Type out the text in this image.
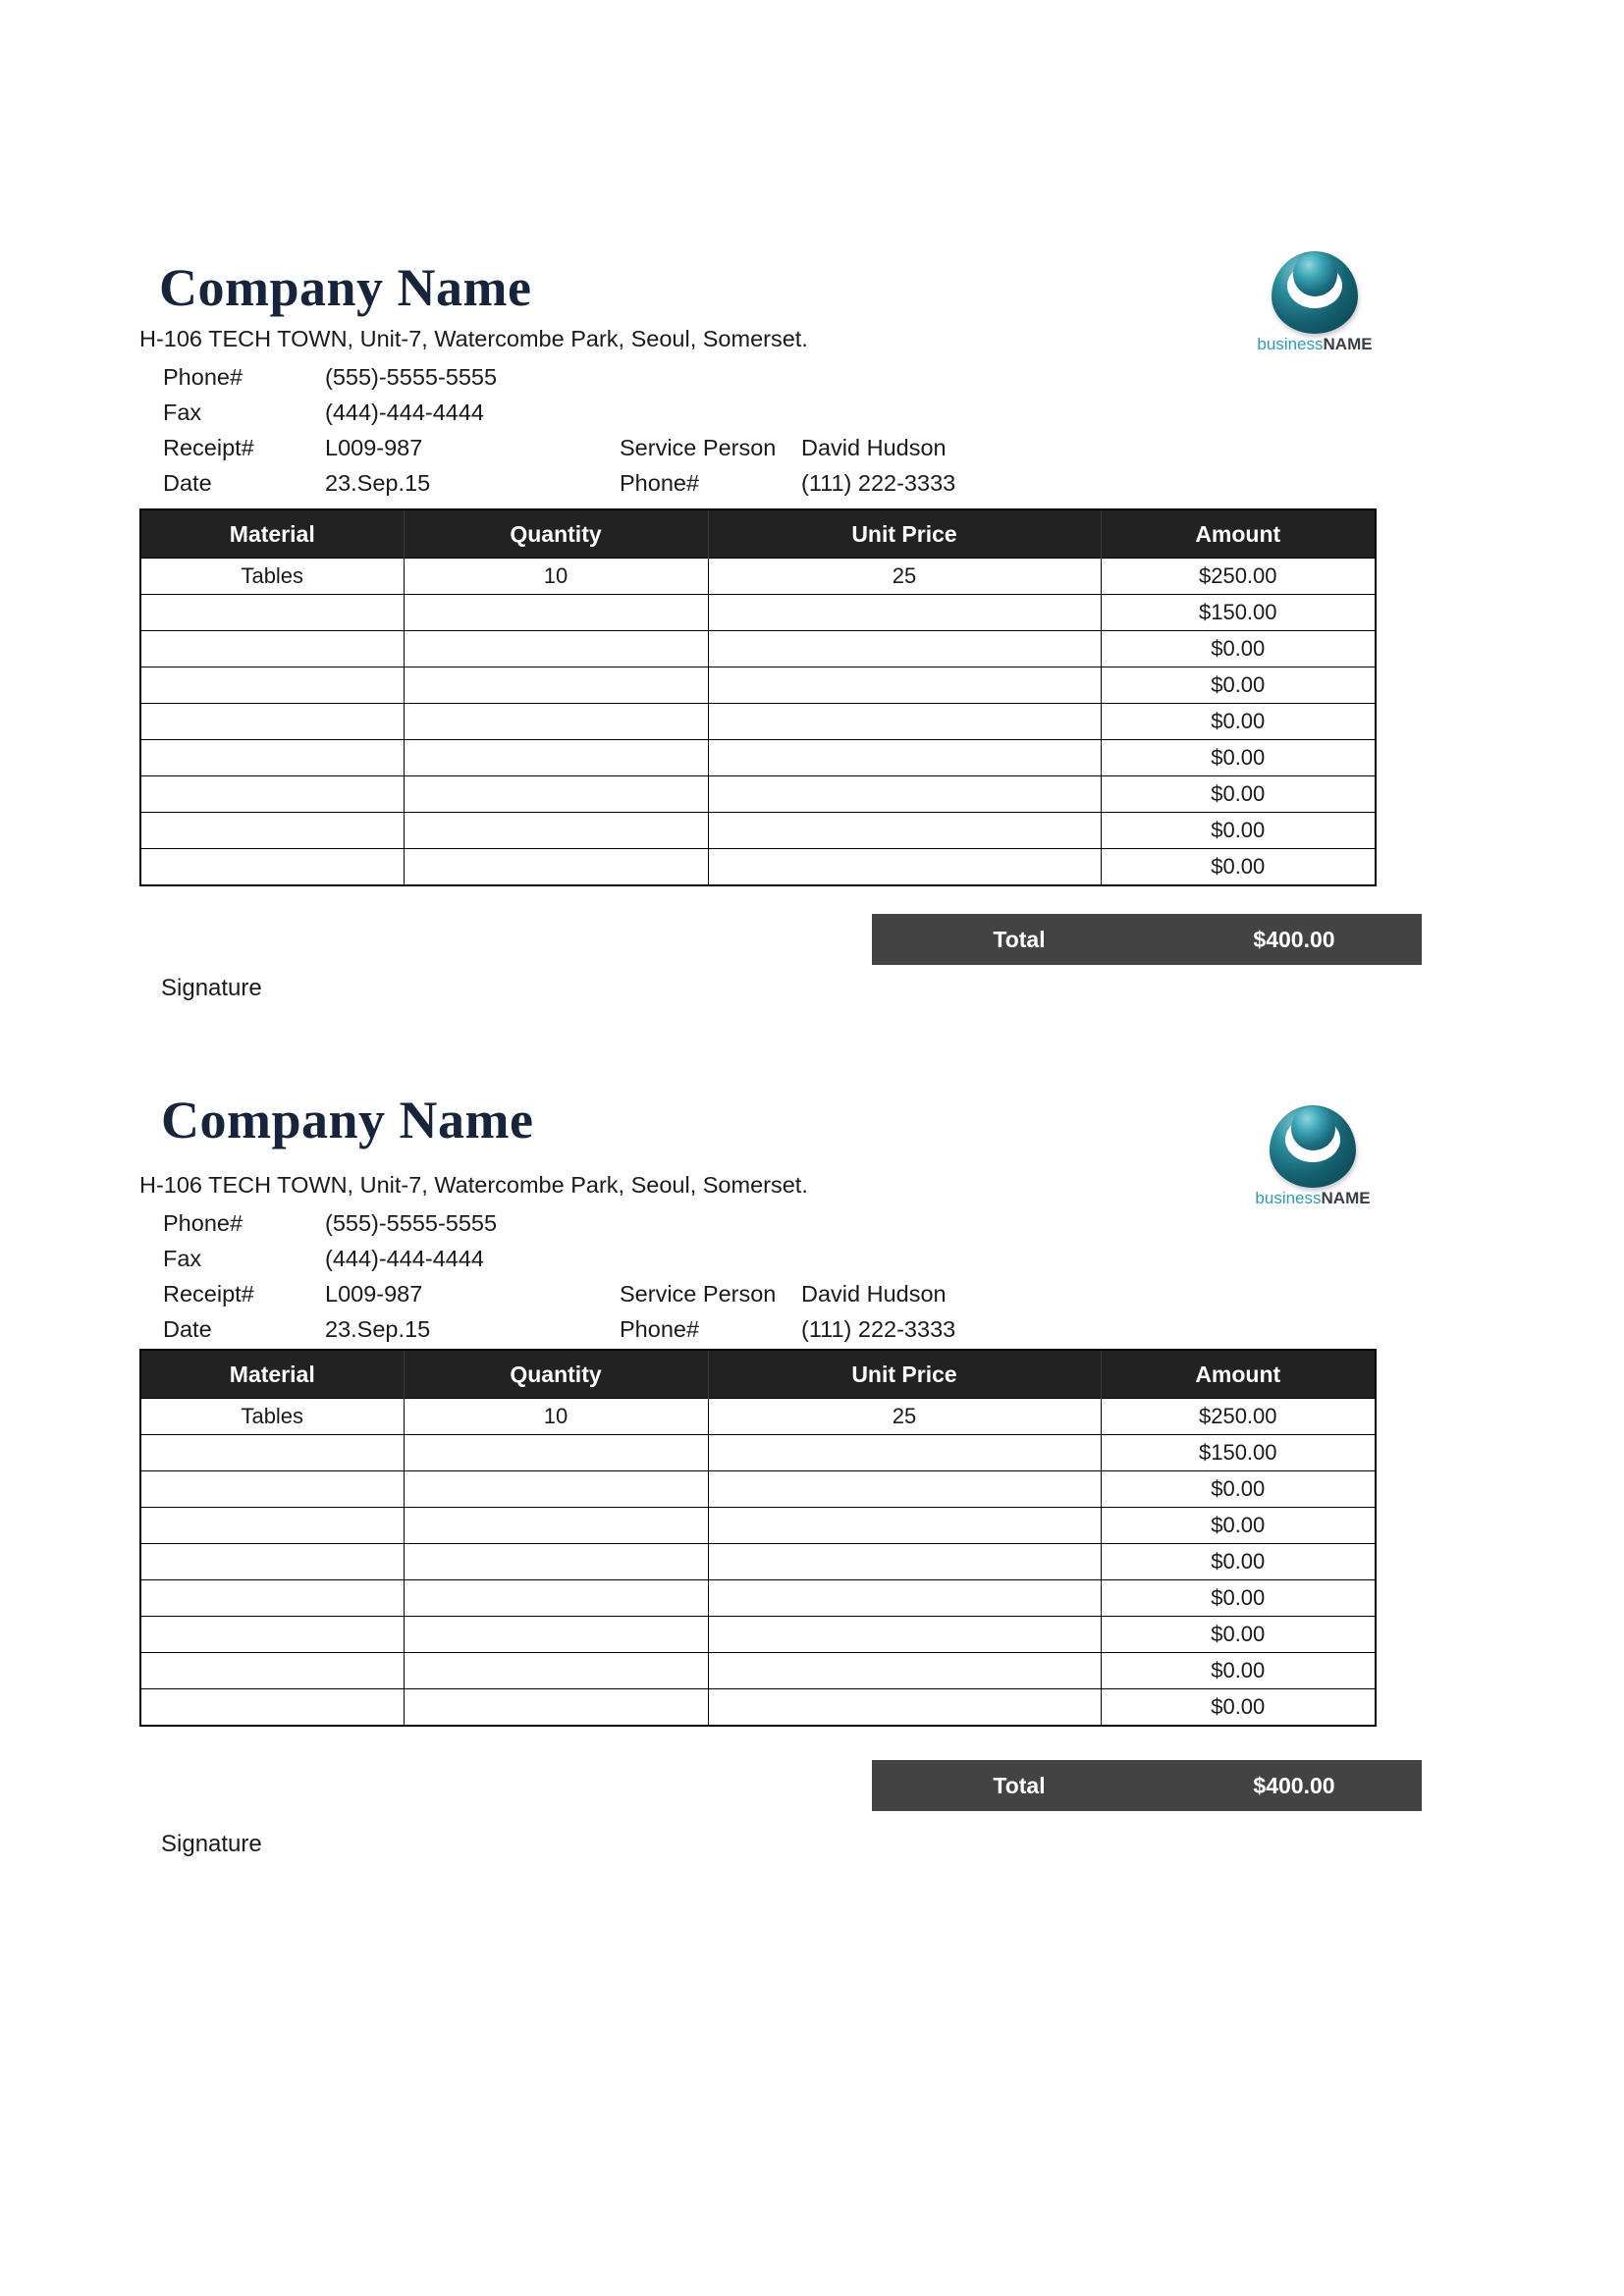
Company Name
H-106 TECH TOWN, Unit-7, Watercombe Park, Seoul, Somerset.	businessNAME
Phone#	(555)-5555-5555		
Fax	(444)-444-4444		
Receipt#	L009-987	Service Person	David Hudson
Date	23.Sep.15	Phone#	(111) 222-3333
Material	Quantity	Unit Price	Amount
Tables	10	25	$250.00
			$150.00
			$0.00
			$0.00
			$0.00
			$0.00
			$0.00
			$0.00
			$0.00
Total	$400.00
Signature
Company Name
H-106 TECH TOWN, Unit-7, Watercombe Park, Seoul, Somerset.
businessNAME
Phone#	(555)-5555-5555		
Fax	(444)-444-4444		
Receipt#	L009-987	Service Person	David Hudson
Date	23.Sep.15	Phone#	(111) 222-3333
Material	Quantity	Unit Price	Amount
Tables	10	25	$250.00
			$150.00
			$0.00
			$0.00
			$0.00
			$0.00
			$0.00
			$0.00
			$0.00
Total	$400.00
Signature
